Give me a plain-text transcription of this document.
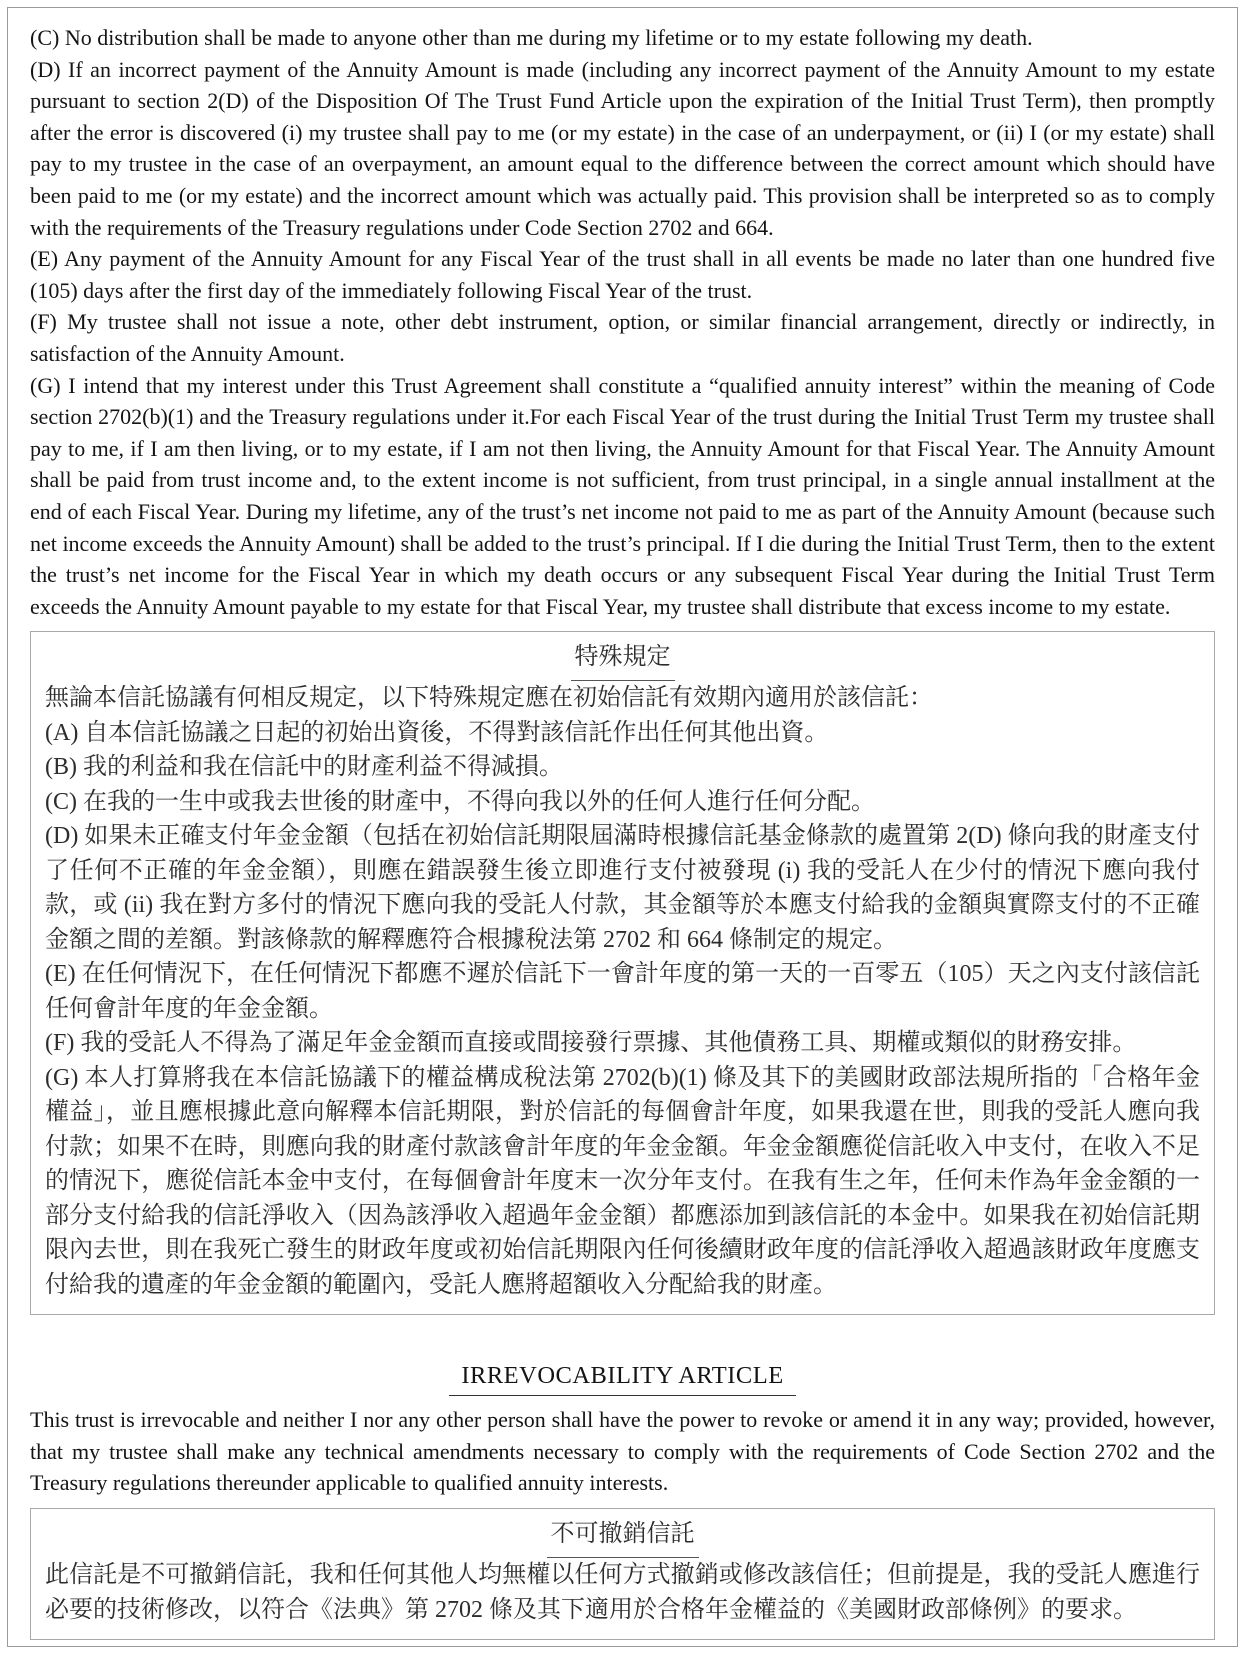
(C) No distribution shall be made to anyone other than me during my lifetime or to my estate following my death.

(D) If an incorrect payment of the Annuity Amount is made (including any incorrect payment of the Annuity Amount to my estate pursuant to section 2(D) of the Disposition Of The Trust Fund Article upon the expiration of the Initial Trust Term), then promptly after the error is discovered (i) my trustee shall pay to me (or my estate) in the case of an underpayment, or (ii) I (or my estate) shall pay to my trustee in the case of an overpayment, an amount equal to the difference between the correct amount which should have been paid to me (or my estate) and the incorrect amount which was actually paid. This provision shall be interpreted so as to comply with the requirements of the Treasury regulations under Code Section 2702 and 664.

(E) Any payment of the Annuity Amount for any Fiscal Year of the trust shall in all events be made no later than one hundred five (105) days after the first day of the immediately following Fiscal Year of the trust.

(F) My trustee shall not issue a note, other debt instrument, option, or similar financial arrangement, directly or indirectly, in satisfaction of the Annuity Amount.

(G) I intend that my interest under this Trust Agreement shall constitute a “qualified annuity interest” within the meaning of Code section 2702(b)(1) and the Treasury regulations under it.For each Fiscal Year of the trust during the Initial Trust Term my trustee shall pay to me, if I am then living, or to my estate, if I am not then living, the Annuity Amount for that Fiscal Year. The Annuity Amount shall be paid from trust income and, to the extent income is not sufficient, from trust principal, in a single annual installment at the end of each Fiscal Year. During my lifetime, any of the trust’s net income not paid to me as part of the Annuity Amount (because such net income exceeds the Annuity Amount) shall be added to the trust’s principal. If I die during the Initial Trust Term, then to the extent the trust’s net income for the Fiscal Year in which my death occurs or any subsequent Fiscal Year during the Initial Trust Term exceeds the Annuity Amount payable to my estate for that Fiscal Year, my trustee shall distribute that excess income to my estate.

特殊規定

無論本信託協議有何相反規定，以下特殊規定應在初始信託有效期內適用於該信託：

(A) 自本信託協議之日起的初始出資後，不得對該信託作出任何其他出資。

(B) 我的利益和我在信託中的財產利益不得減損。

(C) 在我的一生中或我去世後的財產中，不得向我以外的任何人進行任何分配。

(D) 如果未正確支付年金金額（包括在初始信託期限屆滿時根據信託基金條款的處置第 2(D) 條向我的財產支付了任何不正確的年金金額），則應在錯誤發生後立即進行支付被發現 (i) 我的受託人在少付的情況下應向我付款，或 (ii) 我在對方多付的情況下應向我的受託人付款，其金額等於本應支付給我的金額與實際支付的不正確金額之間的差額。對該條款的解釋應符合根據稅法第 2702 和 664 條制定的規定。

(E) 在任何情況下，在任何情況下都應不遲於信託下一會計年度的第一天的一百零五（105）天之內支付該信託任何會計年度的年金金額。

(F) 我的受託人不得為了滿足年金金額而直接或間接發行票據、其他債務工具、期權或類似的財務安排。

(G) 本人打算將我在本信託協議下的權益構成稅法第 2702(b)(1) 條及其下的美國財政部法規所指的「合格年金權益」，並且應根據此意向解釋本信託期限，對於信託的每個會計年度，如果我還在世，則我的受託人應向我付款；如果不在時，則應向我的財產付款該會計年度的年金金額。年金金額應從信託收入中支付，在收入不足的情況下，應從信託本金中支付，在每個會計年度末一次分年支付。在我有生之年，任何未作為年金金額的一部分支付給我的信託淨收入（因為該淨收入超過年金金額）都應添加到該信託的本金中。如果我在初始信託期限內去世，則在我死亡發生的財政年度或初始信託期限內任何後續財政年度的信託淨收入超過該財政年度應支付給我的遺產的年金金額的範圍內，受託人應將超額收入分配給我的財產。

IRREVOCABILITY ARTICLE

This trust is irrevocable and neither I nor any other person shall have the power to revoke or amend it in any way; provided, however, that my trustee shall make any technical amendments necessary to comply with the requirements of Code Section 2702 and the Treasury regulations thereunder applicable to qualified annuity interests.

不可撤銷信託

此信託是不可撤銷信託，我和任何其他人均無權以任何方式撤銷或修改該信任；但前提是，我的受託人應進行必要的技術修改，以符合《法典》第 2702 條及其下適用於合格年金權益的《美國財政部條例》的要求。
